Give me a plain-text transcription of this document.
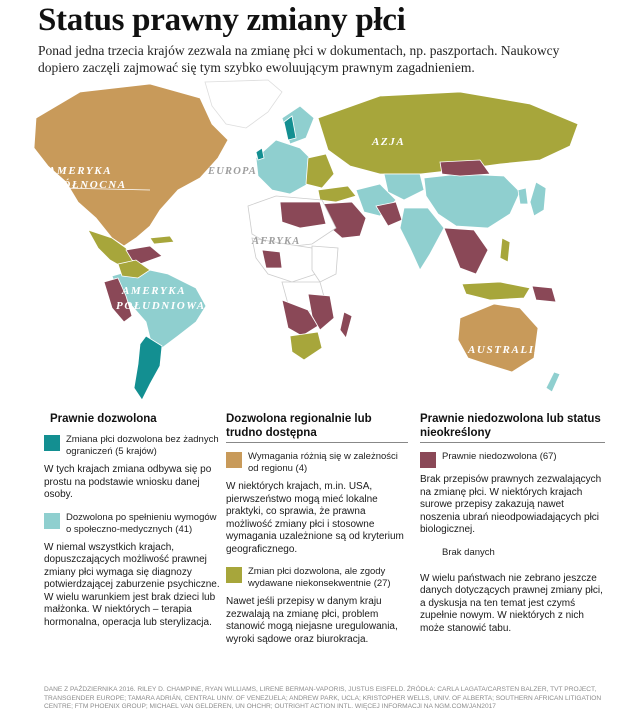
Status prawny zmiany płci

Ponad jedna trzecia krajów zezwala na zmianę płci w dokumentach, np. paszportach. Naukowcy dopiero zaczęli zajmować się tym szybko ewoluującym prawnym zagadnieniem.

AMERYKA
PÓŁNOCNA
EUROPA
AZJA
AFRYKA
AMERYKA
POŁUDNIOWA
AUSTRALIA

Prawnie dozwolona

Zmiana płci dozwolona bez żadnych ograniczeń (5 krajów)

W tych krajach zmiana odbywa się po prostu na podstawie wniosku danej osoby.

Dozwolona po spełnieniu wymogów o społeczno-medycznych (41)

W niemal wszystkich krajach, dopuszczających możliwość prawnej zmiany płci wymaga się diagnozy potwierdzającej zaburzenie psychiczne. W wielu warunkiem jest brak dzieci lub małżonka. W niektórych – terapia hormonalna, operacja lub sterylizacja.

Dozwolona regionalnie lub trudno dostępna

Wymagania różnią się w zależności od regionu (4)

W niektórych krajach, m.in. USA, pierwszeństwo mogą mieć lokalne praktyki, co sprawia, że prawna możliwość zmiany płci i stosowne wymagania uzależnione są od kryterium geograficznego.

Zmian płci dozwolona, ale zgody wydawane niekonsekwentnie (27)

Nawet jeśli przepisy w danym kraju zezwalają na zmianę płci, problem stanowić mogą niejasne uregulowania, wyroki sądowe oraz biurokracja.

Prawnie niedozwolona lub status nieokreślony

Prawnie niedozwolona (67)

Brak przepisów prawnych zezwalających na zmianę płci. W niektórych krajach surowe przepisy zakazują nawet noszenia ubrań nieodpowiadających płci biologicznej.

Brak danych

W wielu państwach nie zebrano jeszcze danych dotyczących prawnej zmiany płci, a dyskusja na ten temat jest czymś zupełnie nowym. W niektórych z nich może stanowić tabu.

DANE Z PAŹDZIERNIKA 2016. RILEY D. CHAMPINE, RYAN WILLIAMS, LIRENE BERMAN-VAPORIS, JUSTUS EISFELD. ŹRÓDŁA: CARLA LAGATA/CARSTEN BALZER, TVT PROJECT, TRANSGENDER EUROPE; TAMARA ADRIÁN, CENTRAL UNIV. OF VENEZUELA; ANDREW PARK, UCLA; KRISTOPHER WELLS, UNIV. OF ALBERTA; SOUTHERN AFRICAN LITIGATION CENTRE; FTM PHOENIX GROUP; MICHAEL VAN GELDEREN, UN OHCHR; OUTRIGHT ACTION INTL. WIĘCEJ INFORMACJI NA NGM.COM/JAN2017
